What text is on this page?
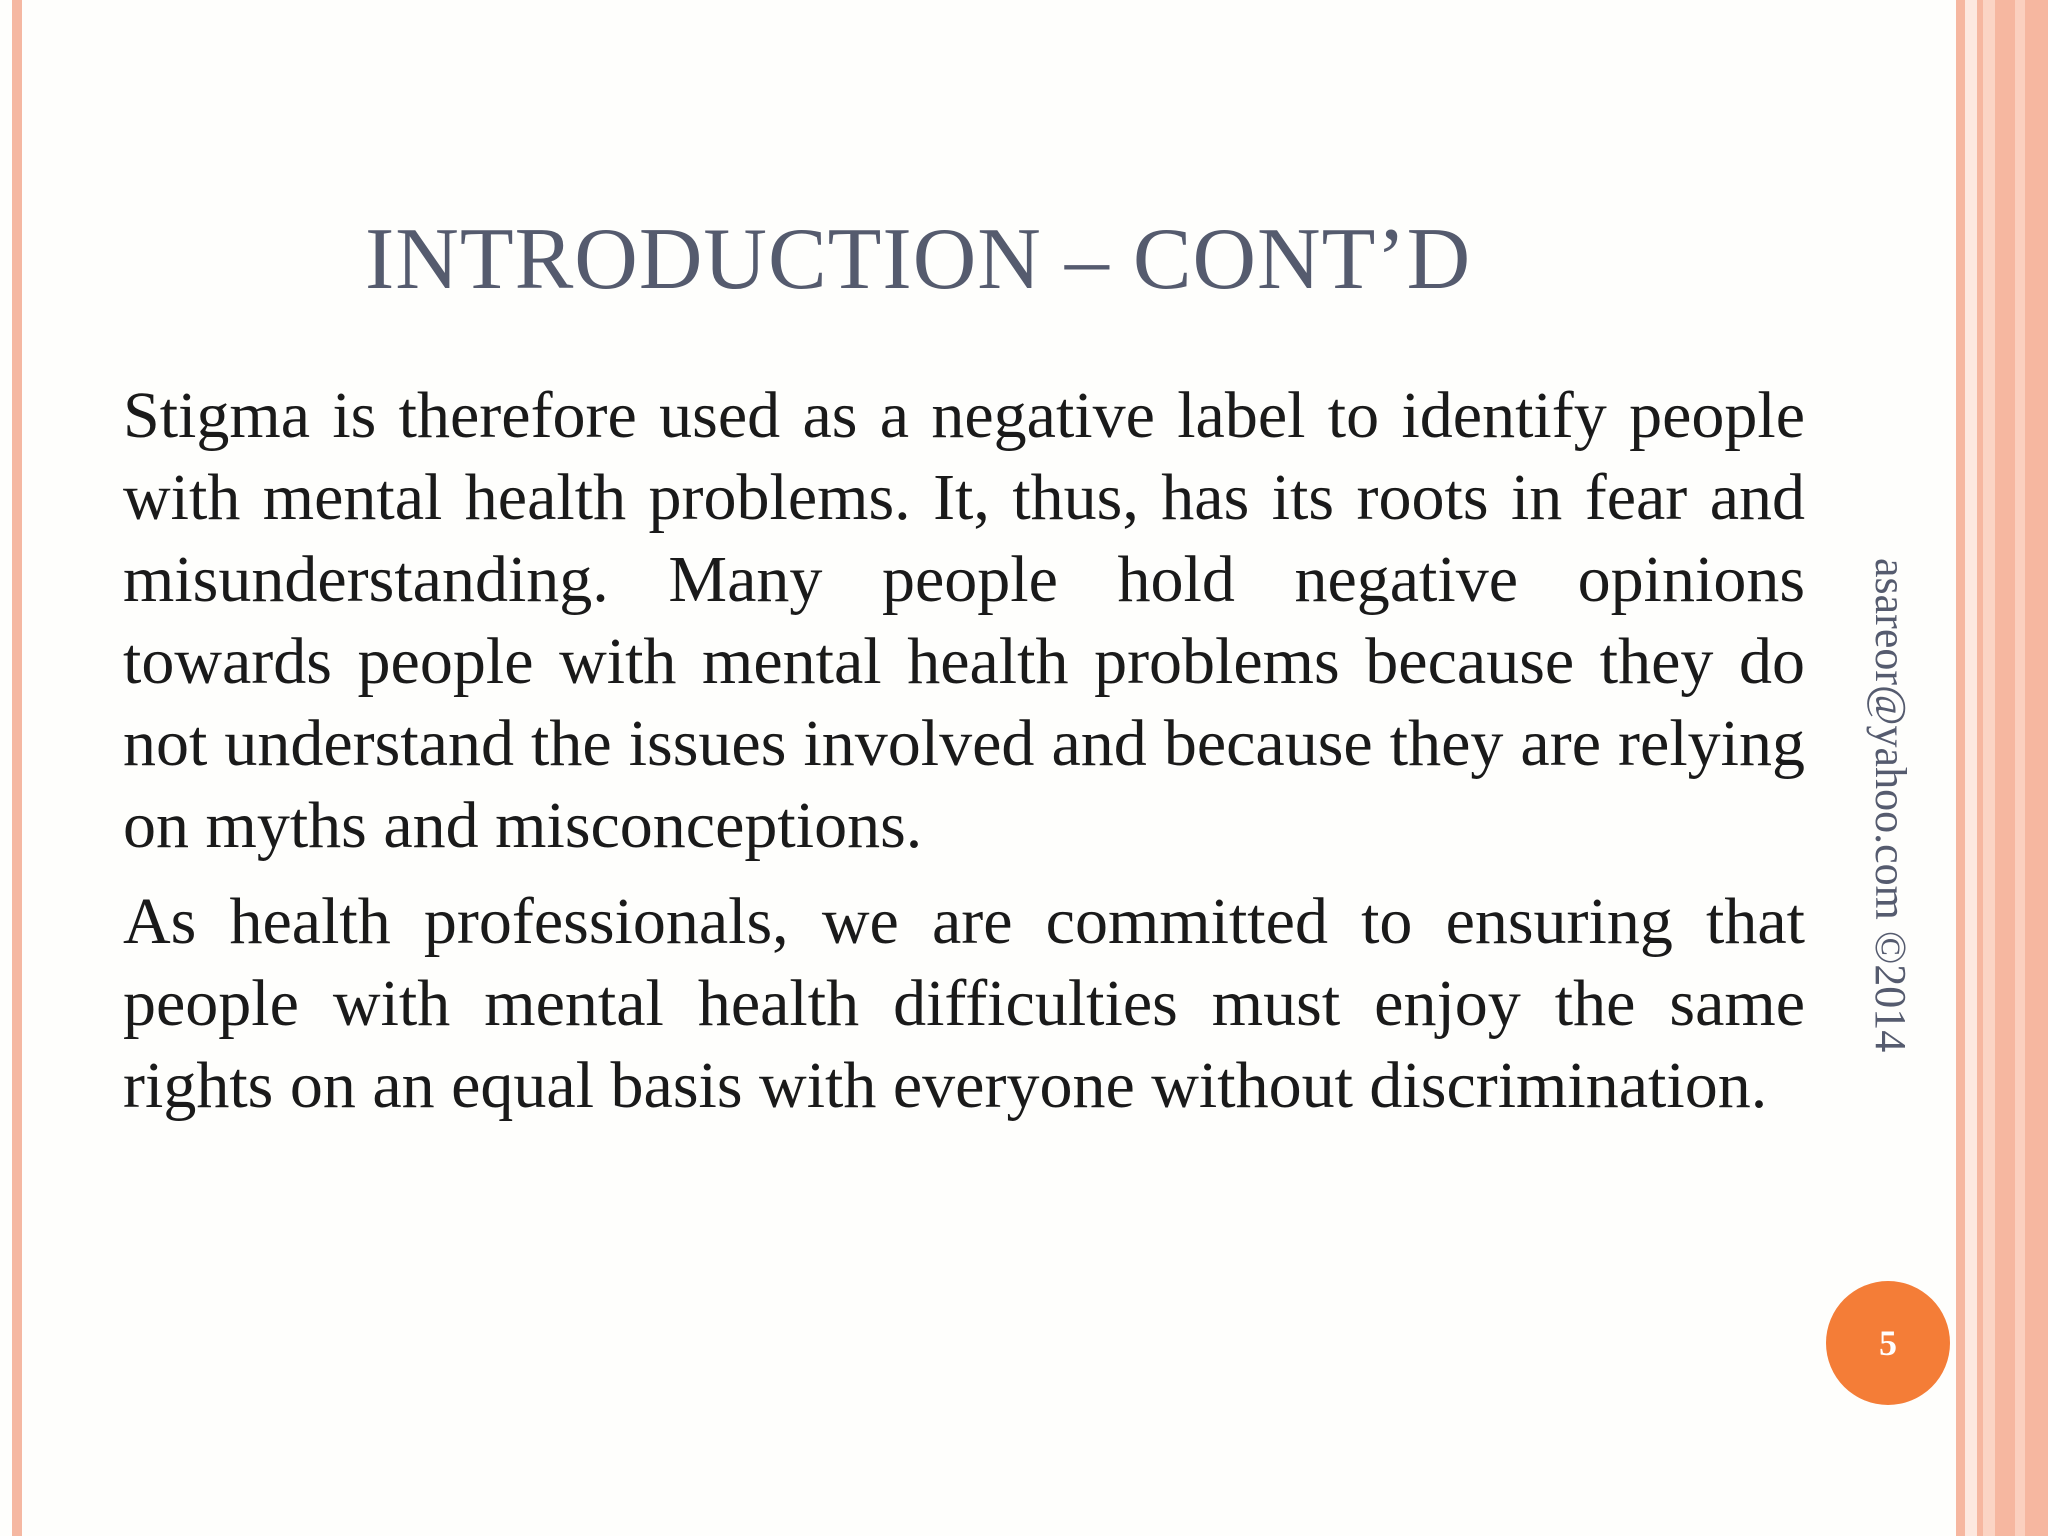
INTRODUCTION – CONT’D

Stigma is therefore used as a negative label to identify people with mental health problems. It, thus, has its roots in fear and misunderstanding. Many people hold negative opinions towards people with mental health problems because they do not understand the issues involved and because they are relying on myths and misconceptions.

As health professionals, we are committed to ensuring that people with mental health difficulties must enjoy the same rights on an equal basis with everyone without discrimination.

asareor@yahoo.com ©2014
5
